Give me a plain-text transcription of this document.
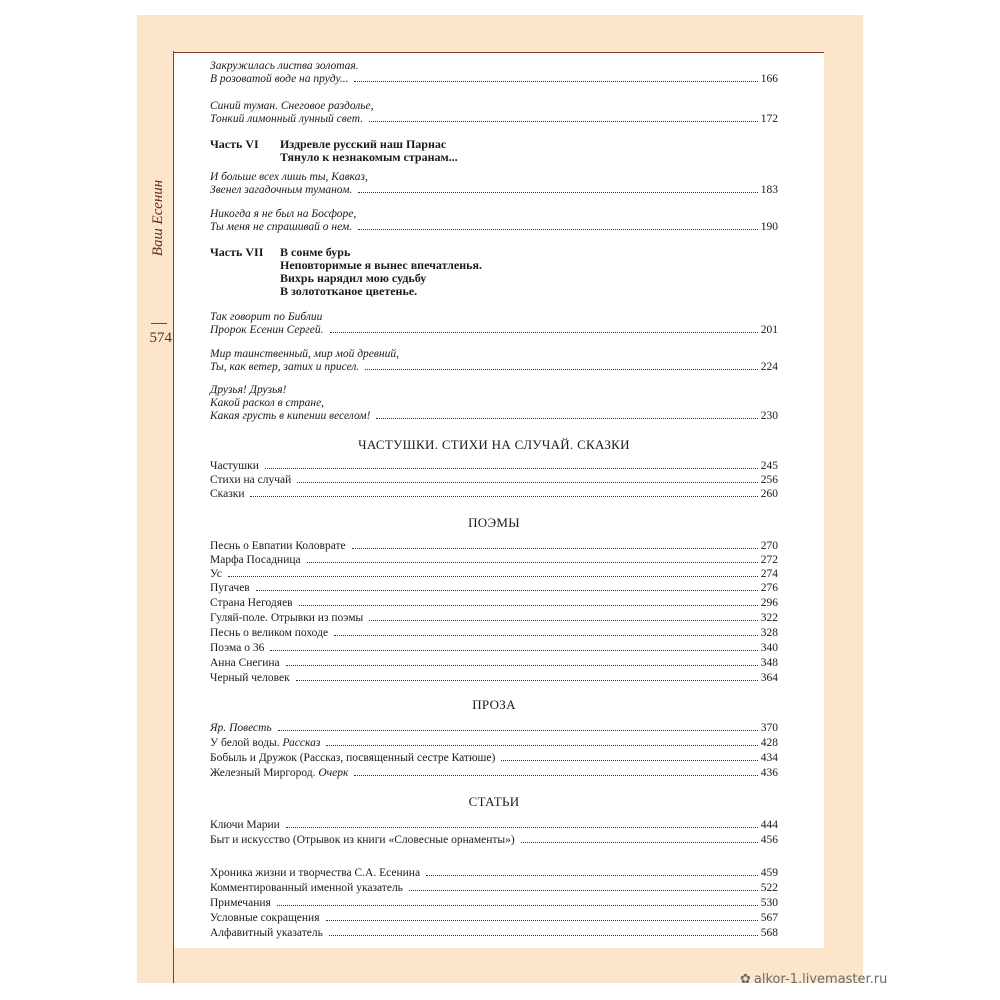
Ваш Есенин
574
Закружилась листва золотая.
В розоватой воде на пруду...	166
Синий туман. Снеговое раздолье,
Тонкий лимонный лунный свет.	172
Часть VI Издревле русский наш Парнас
Тянуло к незнакомым странам...
И больше всех лишь ты, Кавказ,
Звенел загадочным туманом.	183
Никогда я не был на Босфоре,
Ты меня не спрашивай о нем.	190
Часть VII В сонме бурь
Неповторимые я вынес впечатленья.
Вихрь нарядил мою судьбу
В золототканое цветенье.
Так говорит по Библии
Пророк Есенин Сергей.	201
Мир таинственный, мир мой древний,
Ты, как ветер, затих и присел.	224
Друзья! Друзья!
Какой раскол в стране,
Какая грусть в кипении веселом!	230
ЧАСТУШКИ. СТИХИ НА СЛУЧАЙ. СКАЗКИ
Частушки	245
Стихи на случай	256
Сказки	260
ПОЭМЫ
Песнь о Евпатии Коловрате	270
Марфа Посадница	272
Ус	274
Пугачев	276
Страна Негодяев	296
Гуляй-поле. Отрывки из поэмы	322
Песнь о великом походе	328
Поэма о 36	340
Анна Снегина	348
Черный человек	364
ПРОЗА
Яр. Повесть	370
У белой воды. Рассказ	428
Бобыль и Дружок (Рассказ, посвященный сестре Катюше)	434
Железный Миргород. Очерк	436
СТАТЬИ
Ключи Марии	444
Быт и искусство (Отрывок из книги «Словесные орнаменты»)	456
Хроника жизни и творчества С.А. Есенина	459
Комментированный именной указатель	522
Примечания	530
Условные сокращения	567
Алфавитный указатель	568
✿ alkor-1.livemaster.ru
